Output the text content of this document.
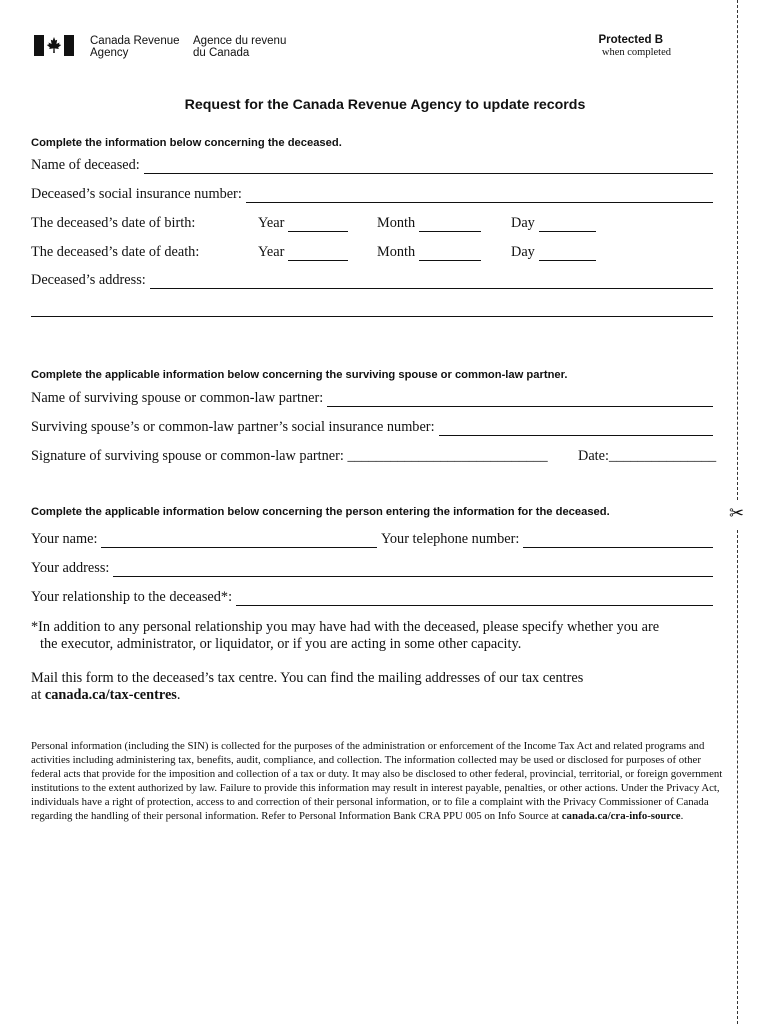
Canada Revenue
Agency
Agence du revenu
du Canada
Protected B
when completed
Request for the Canada Revenue Agency to update records
Complete the information below concerning the deceased.
Name of deceased:
Deceased’s social insurance number:
The deceased’s date of birth:	Year	Month	Day
The deceased’s date of death:	Year	Month	Day
Deceased’s address:
Complete the applicable information below concerning the surviving spouse or common-law partner.
Name of surviving spouse or common-law partner:
Surviving spouse’s or common-law partner’s social insurance number:
Signature of surviving spouse or common-law partner: ____________________________ Date:_______________
Complete the applicable information below concerning the person entering the information for the deceased.
Your name:	Your telephone number:
Your address:
Your relationship to the deceased*:
*In addition to any personal relationship you may have had with the deceased, please specify whether you are
the executor, administrator, or liquidator, or if you are acting in some other capacity.
Mail this form to the deceased’s tax centre. You can find the mailing addresses of our tax centres
at canada.ca/tax-centres.
Personal information (including the SIN) is collected for the purposes of the administration or enforcement of the Income Tax Act and related programs and activities including administering tax, benefits, audit, compliance, and collection. The information collected may be used or disclosed for purposes of other federal acts that provide for the imposition and collection of a tax or duty. It may also be disclosed to other federal, provincial, territorial, or foreign government institutions to the extent authorized by law. Failure to provide this information may result in interest payable, penalties, or other actions. Under the Privacy Act, individuals have a right of protection, access to and correction of their personal information, or to file a complaint with the Privacy Commissioner of Canada regarding the handling of their personal information. Refer to Personal Information Bank CRA PPU 005 on Info Source at canada.ca/cra-info-source.
✂
